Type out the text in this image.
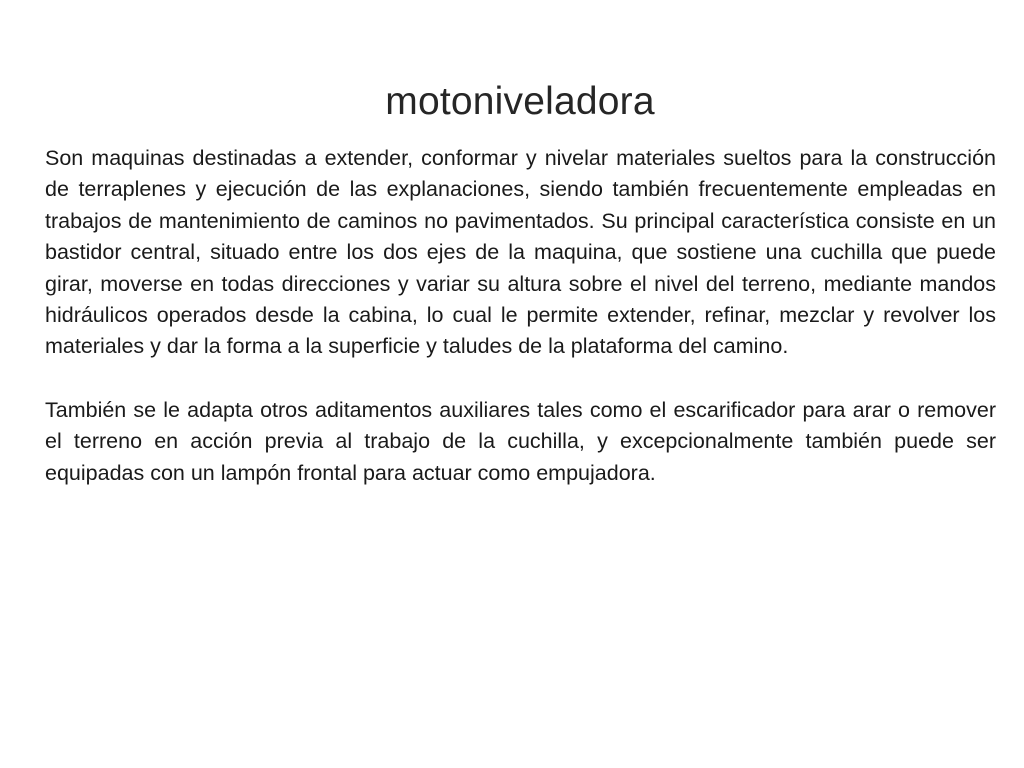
motoniveladora

Son maquinas destinadas a extender, conformar y nivelar materiales sueltos para la construcción de terraplenes y ejecución de las explanaciones, siendo también frecuentemente empleadas en trabajos de mantenimiento de caminos no pavimentados. Su principal característica consiste en un bastidor central, situado entre los dos ejes de la maquina, que sostiene una cuchilla que puede girar, moverse en todas direcciones y variar su altura sobre el nivel del terreno, mediante mandos hidráulicos operados desde la cabina, lo cual le permite extender, refinar, mezclar y revolver los materiales y dar la forma a la superficie y taludes de la plataforma del camino.

También se le adapta otros aditamentos auxiliares tales como el escarificador para arar o remover el terreno en acción previa al trabajo de la cuchilla, y excepcionalmente también puede ser equipadas con un lampón frontal para actuar como empujadora.
